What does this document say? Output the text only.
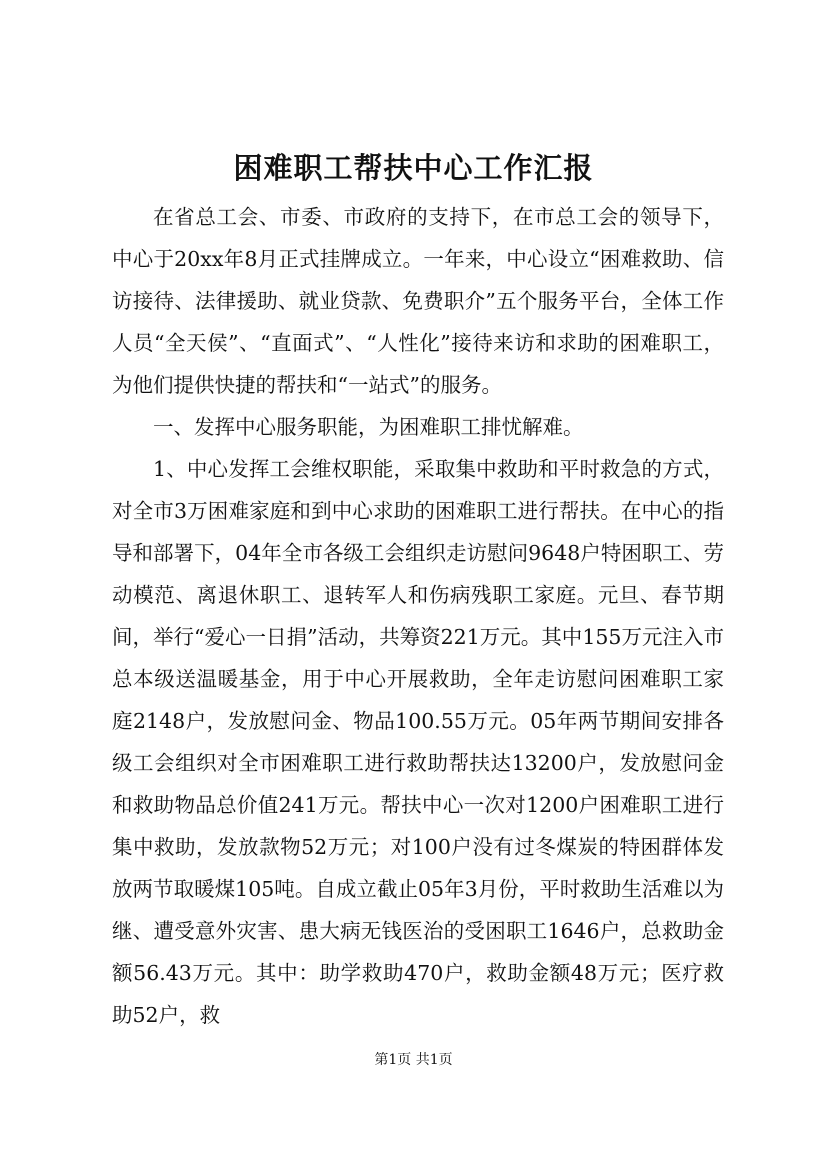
困难职工帮扶中心工作汇报

在省总工会、市委、市政府的支持下，在市总工会的领导下，中心于20xx年8月正式挂牌成立。一年来，中心设立“困难救助、信访接待、法律援助、就业贷款、免费职介”五个服务平台，全体工作人员“全天侯”、“直面式”、“人性化”接待来访和求助的困难职工，为他们提供快捷的帮扶和“一站式”的服务。

一、发挥中心服务职能，为困难职工排忧解难。

1、中心发挥工会维权职能，采取集中救助和平时救急的方式，对全市3万困难家庭和到中心求助的困难职工进行帮扶。在中心的指导和部署下，04年全市各级工会组织走访慰问9648户特困职工、劳动模范、离退休职工、退转军人和伤病残职工家庭。元旦、春节期间，举行“爱心一日捐”活动，共筹资221万元。其中155万元注入市总本级送温暖基金，用于中心开展救助，全年走访慰问困难职工家庭2148户，发放慰问金、物品100.55万元。05年两节期间安排各级工会组织对全市困难职工进行救助帮扶达13200户，发放慰问金和救助物品总价值241万元。帮扶中心一次对1200户困难职工进行集中救助，发放款物52万元；对100户没有过冬煤炭的特困群体发放两节取暖煤105吨。自成立截止05年3月份，平时救助生活难以为继、遭受意外灾害、患大病无钱医治的受困职工1646户，总救助金额56.43万元。其中：助学救助470户，救助金额48万元；医疗救助52户，救

第1页 共1页
